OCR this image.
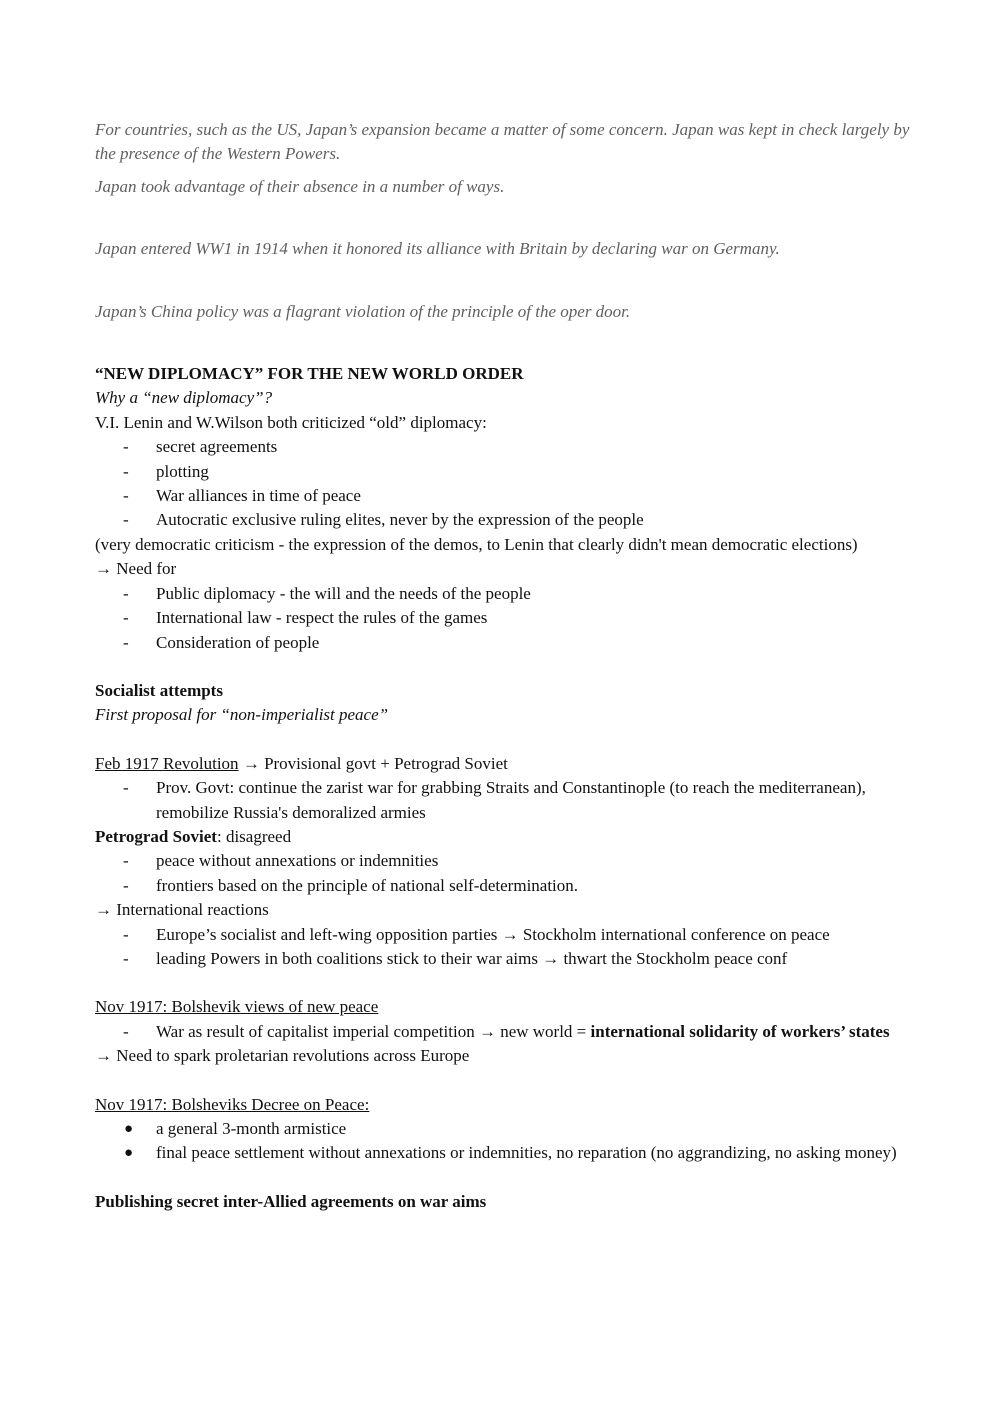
For countries, such as the US, Japan’s expansion became a matter of some concern. Japan was kept in check largely by the presence of the Western Powers.

Japan took advantage of their absence in a number of ways.

Japan entered WW1 in 1914 when it honored its alliance with Britain by declaring war on Germany.

Japan’s China policy was a flagrant violation of the principle of the oper door.

“NEW DIPLOMACY” FOR THE NEW WORLD ORDER

Why a “new diplomacy”?

V.I. Lenin and W.Wilson both criticized “old” diplomacy:

- secret agreements
- plotting
- War alliances in time of peace
- Autocratic exclusive ruling elites, never by the expression of the people

(very democratic criticism - the expression of the demos, to Lenin that clearly didn't mean democratic elections)

→ Need for

- Public diplomacy - the will and the needs of the people
- International law - respect the rules of the games
- Consideration of people

Socialist attempts

First proposal for “non-imperialist peace”

Feb 1917 Revolution → Provisional govt + Petrograd Soviet

- Prov. Govt: continue the zarist war for grabbing Straits and Constantinople (to reach the mediterranean), remobilize Russia's demoralized armies

Petrograd Soviet: disagreed

- peace without annexations or indemnities
- frontiers based on the principle of national self-determination.

→ International reactions

- Europe’s socialist and left-wing opposition parties → Stockholm international conference on peace
- leading Powers in both coalitions stick to their war aims → thwart the Stockholm peace conf

Nov 1917: Bolshevik views of new peace

- War as result of capitalist imperial competition → new world = international solidarity of workers’ states

→ Need to spark proletarian revolutions across Europe

Nov 1917: Bolsheviks Decree on Peace:

● a general 3-month armistice
● final peace settlement without annexations or indemnities, no reparation (no aggrandizing, no asking money)

Publishing secret inter-Allied agreements on war aims
